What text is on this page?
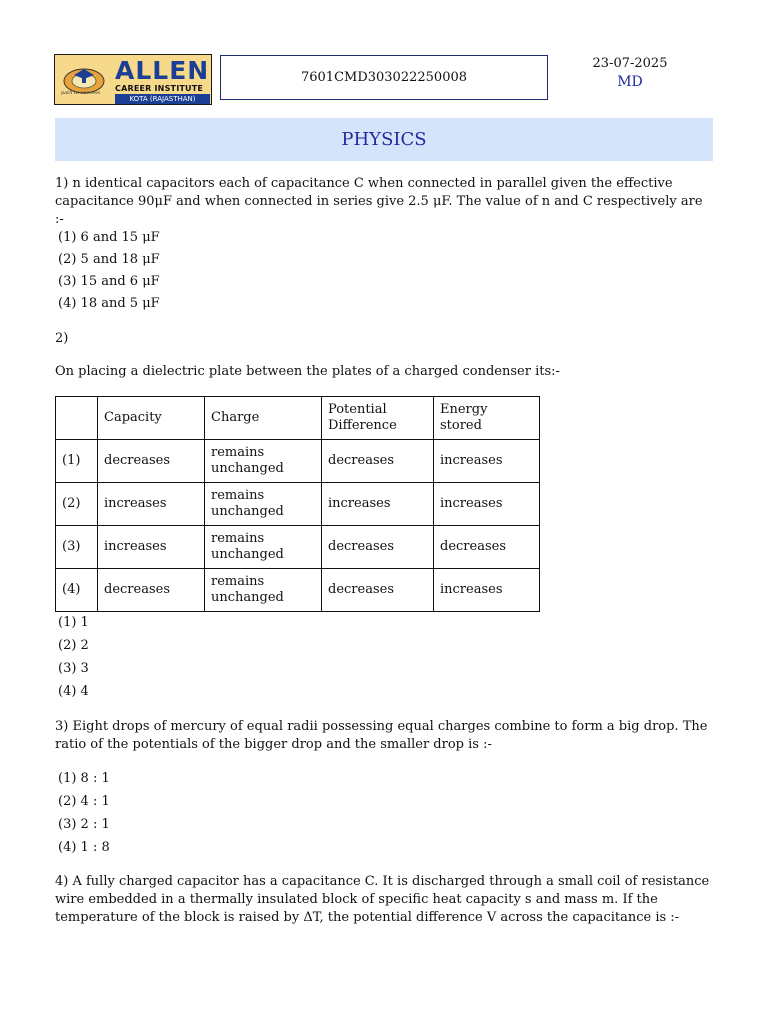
path to success
ALLEN
CAREER INSTITUTE
KOTA (RAJASTHAN)
7601CMD303022250008
23-07-2025
MD
PHYSICS
1) n identical capacitors each of capacitance C when connected in parallel given the effective capacitance 90μF and when connected in series give 2.5 μF. The value of n and C respectively are :-
(1) 6 and 15 μF
(2) 5 and 18 μF
(3) 15 and 6 μF
(4) 18 and 5 μF
2)
On placing a dielectric plate between the plates of a charged condenser its:-
	Capacity	Charge	Potential Difference	Energy stored
(1)	decreases	remains unchanged	decreases	increases
(2)	increases	remains unchanged	increases	increases
(3)	increases	remains unchanged	decreases	decreases
(4)	decreases	remains unchanged	decreases	increases
(1) 1
(2) 2
(3) 3
(4) 4
3) Eight drops of mercury of equal radii possessing equal charges combine to form a big drop. The ratio of the potentials of the bigger drop and the smaller drop is :-
(1) 8 : 1
(2) 4 : 1
(3) 2 : 1
(4) 1 : 8
4) A fully charged capacitor has a capacitance C. It is discharged through a small coil of resistance wire embedded in a thermally insulated block of specific heat capacity s and mass m. If the temperature of the block is raised by ΔT, the potential difference V across the capacitance is :-
